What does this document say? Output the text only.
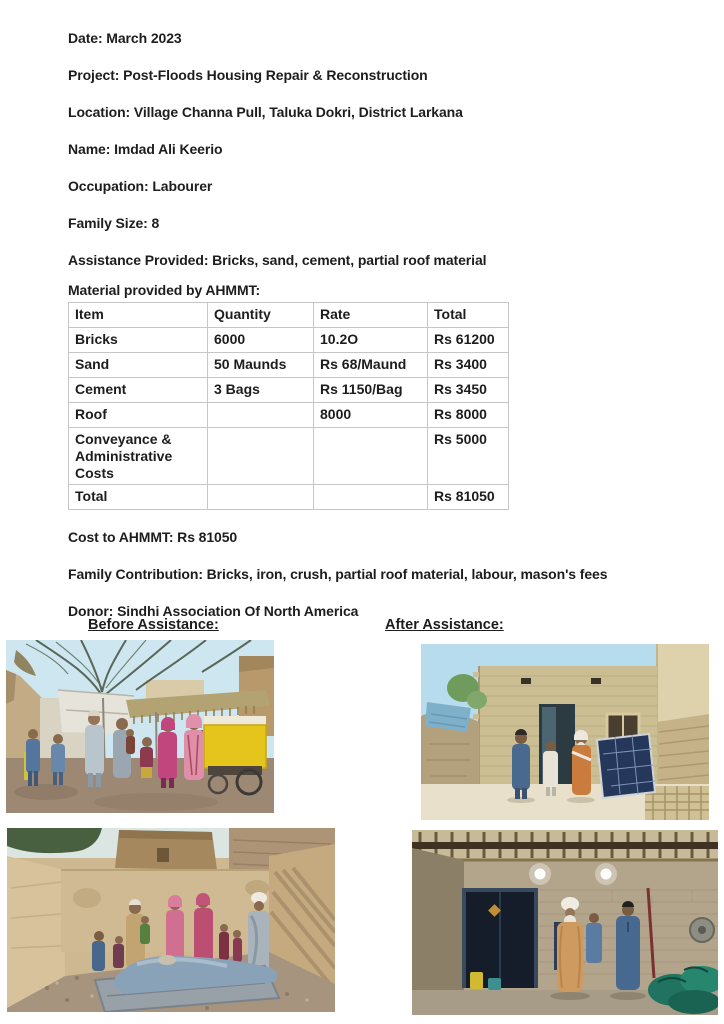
Date: March 2023

Project: Post-Floods Housing Repair & Reconstruction

Location: Village Channa Pull, Taluka Dokri, District Larkana

Name: Imdad Ali Keerio

Occupation: Labourer

Family Size: 8

Assistance Provided: Bricks, sand, cement, partial roof material

Material provided by AHMMT:

Item	Quantity	Rate	Total
Bricks	6000	10.2O	Rs 61200
Sand	50 Maunds	Rs 68/Maund	Rs 3400
Cement	3 Bags	Rs 1150/Bag	Rs 3450
Roof		8000	Rs 8000
Conveyance & Administrative Costs			Rs 5000
Total			Rs 81050

Cost to AHMMT: Rs 81050

Family Contribution: Bricks, iron, crush, partial roof material, labour, mason's fees

Donor: Sindhi Association Of North America

Before Assistance:	After Assistance:
